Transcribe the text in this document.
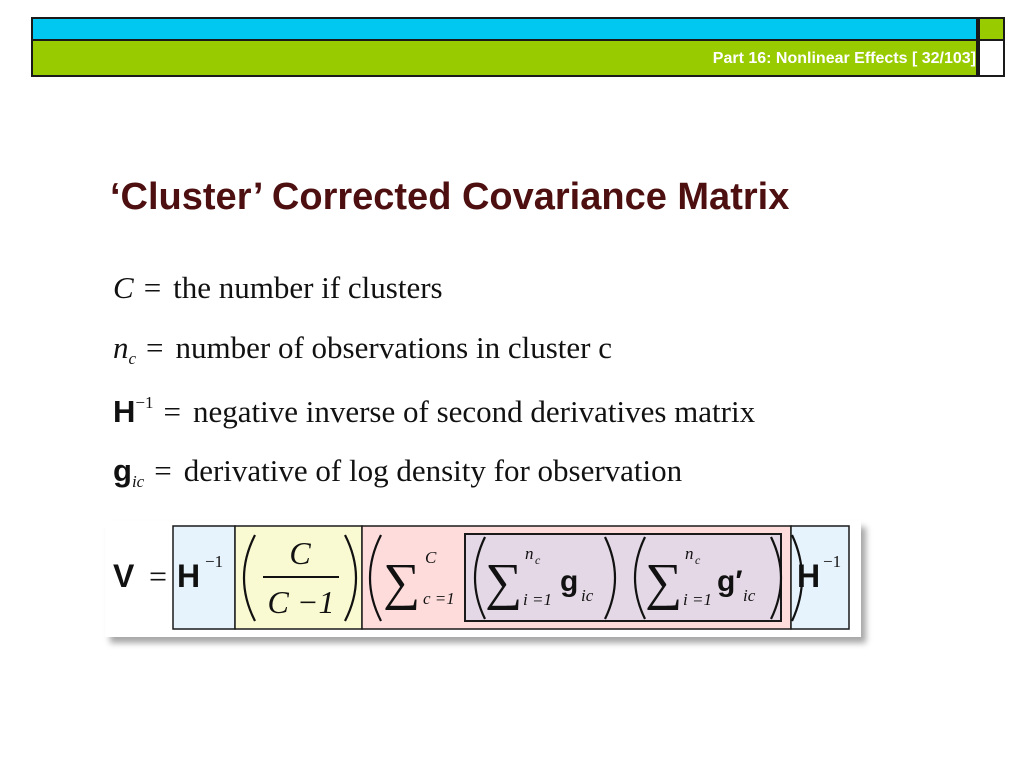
Part 16: Nonlinear Effects [ 32/103]
‘Cluster’ Corrected Covariance Matrix
C = the number if clusters
$n_c$ = number of observations in cluster c
$H^{-1}$ = negative inverse of second derivatives matrix
$g_{ic}$ = derivative of log density for observation
V = H −1 C
C −1 ∑ C
c =1 ∑
n c
i =1
g ic ∑
n c
i =1
g′ ic
H −1
